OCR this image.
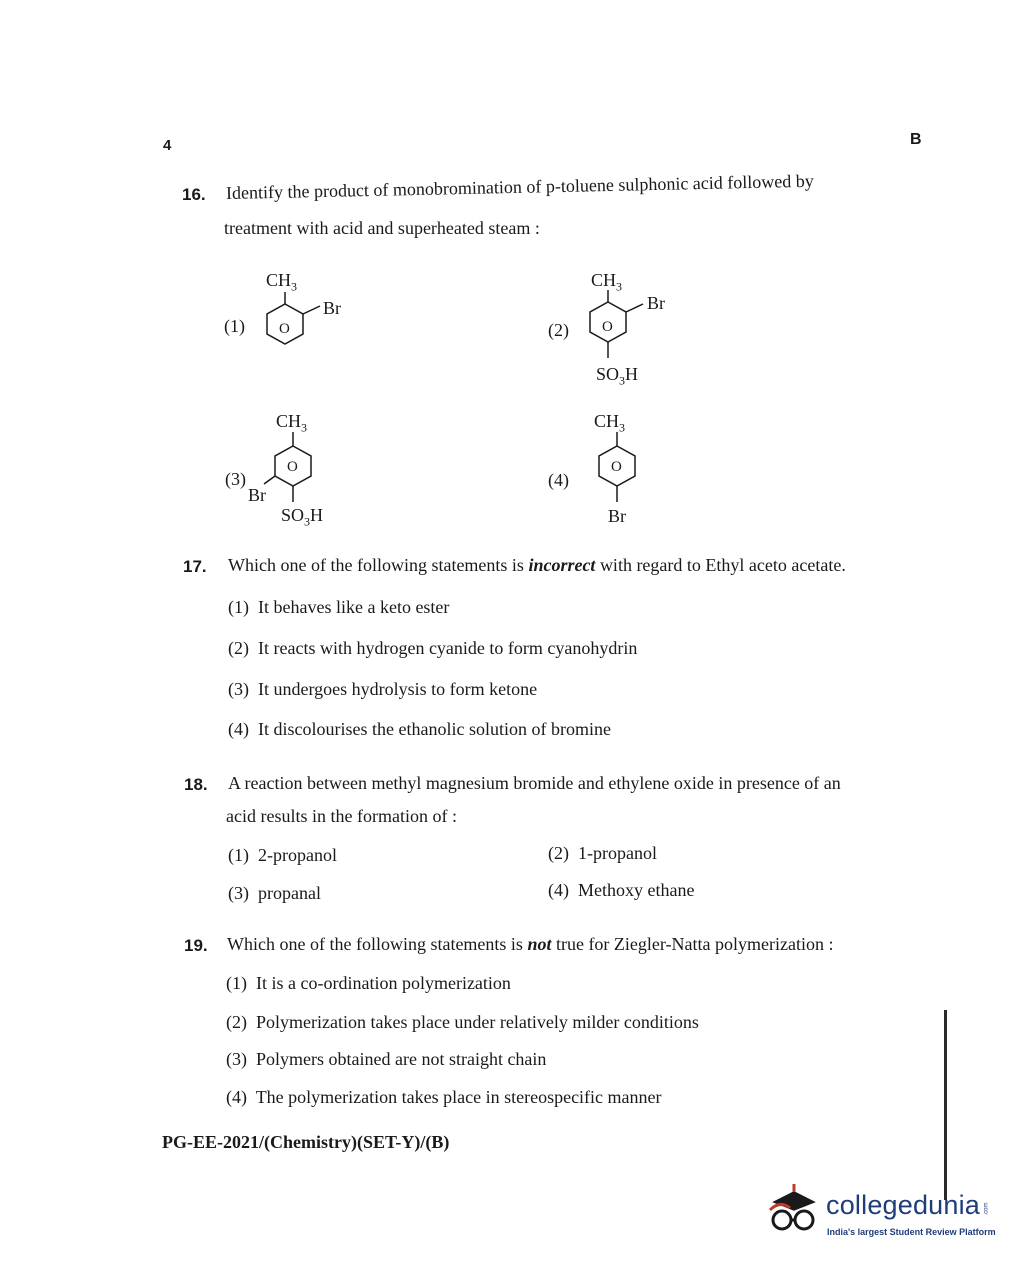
4	B
16. Identify the product of monobromination of p-toluene sulphonic acid followed by
treatment with acid and superheated steam :
(1)
$CH_3$
Br
O	(2)
$CH_3$
Br
$SO_3H$
O
(3)
$CH_3$
Br
$SO_3H$
O
(4)
$CH_3$
Br
O
17. Which one of the following statements is incorrect with regard to Ethyl aceto acetate.
(1) It behaves like a keto ester
(2) It reacts with hydrogen cyanide to form cyanohydrin
(3) It undergoes hydrolysis to form ketone
(4) It discolourises the ethanolic solution of bromine
18. A reaction between methyl magnesium bromide and ethylene oxide in presence of an
acid results in the formation of :
(1) 2-propanol	(2) 1-propanol
(3) propanal	(4) Methoxy ethane
19. Which one of the following statements is not true for Ziegler-Natta polymerization :
(1) It is a co-ordination polymerization
(2) Polymerization takes place under relatively milder conditions
(3) Polymers obtained are not straight chain
(4) The polymerization takes place in stereospecific manner
PG-EE-2021/(Chemistry)(SET-Y)/(B)
collegedunia .com
India's largest Student Review Platform
